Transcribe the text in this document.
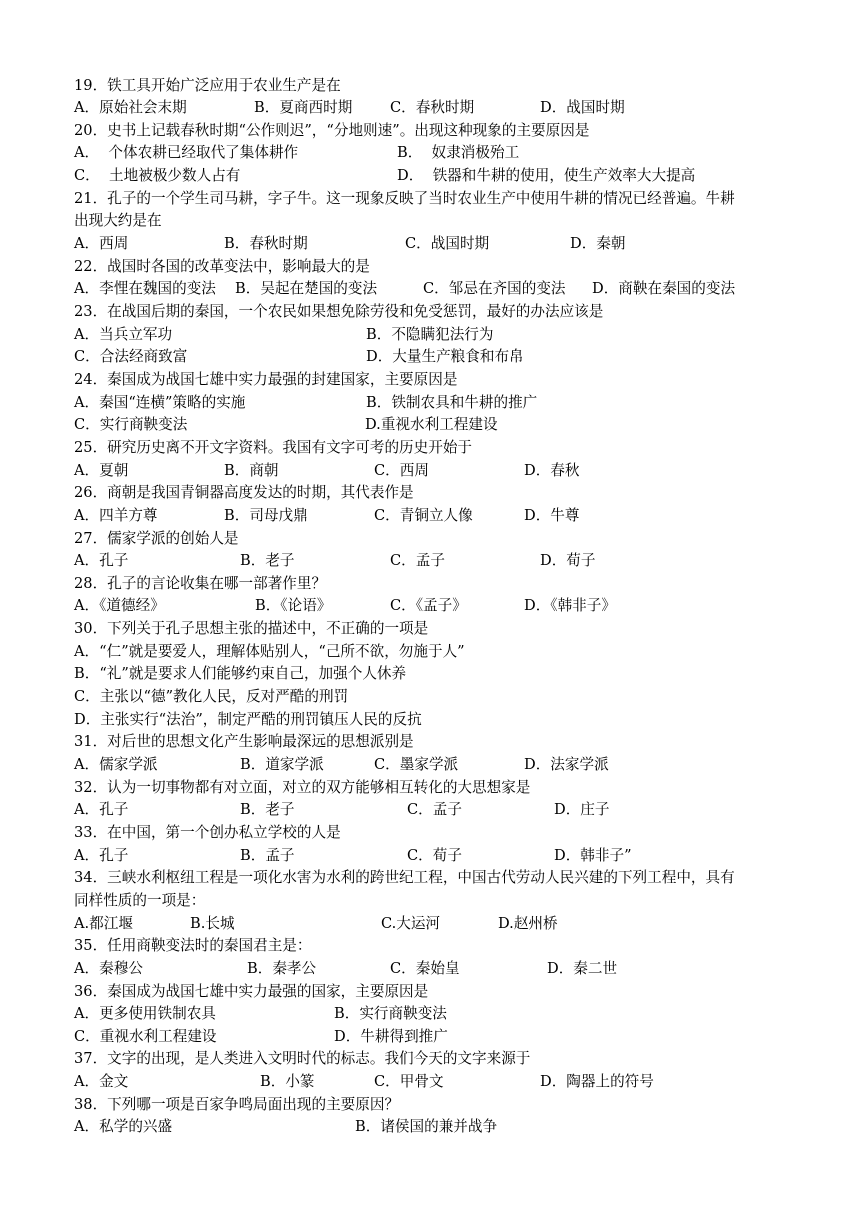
19．铁工具开始广泛应用于农业生产是在
A．原始社会末期	B．夏商西时期	C．春秋时期	D．战国时期
20．史书上记载春秋时期“公作则迟”，“分地则速”。出现这种现象的主要原因是
A．  个体农耕已经取代了集体耕作	B．  奴隶消极殆工
C．  土地被极少数人占有	D．  铁器和牛耕的使用，使生产效率大大提高
21．孔子的一个学生司马耕，字子牛。这一现象反映了当时农业生产中使用牛耕的情况已经普遍。牛耕
出现大约是在
A．西周	B．春秋时期	C．战国时期	D．秦朝
22．战国时各国的改革变法中，影响最大的是
A．李悝在魏国的变法 B．吴起在楚国的变法	C．邹忌在齐国的变法 D．商鞅在秦国的变法
23．在战国后期的秦国，一个农民如果想免除劳役和免受惩罚，最好的办法应该是
A．当兵立军功	B．不隐瞒犯法行为
C．合法经商致富	D．大量生产粮食和布帛
24．秦国成为战国七雄中实力最强的封建国家，主要原因是
A．秦国“连横”策略的实施	B．铁制农具和牛耕的推广
C．实行商鞅变法	D.重视水利工程建设
25．研究历史离不开文字资料。我国有文字可考的历史开始于
A．夏朝	B．商朝	C．西周	D．春秋
26．商朝是我国青铜器高度发达的时期，其代表作是
A．四羊方尊	B．司母戊鼎	C．青铜立人像	D．牛尊
27．儒家学派的创始人是
A．孔子	B．老子	C．孟子	D．荀子
28．孔子的言论收集在哪一部著作里？
A．《道德经》	B．《论语》	C．《孟子》	D．《韩非子》
30．下列关于孔子思想主张的描述中，不正确的一项是
A．“仁”就是要爱人，理解体贴别人，“己所不欲，勿施于人”
B．“礼”就是要求人们能够约束自己，加强个人休养
C．主张以“德”教化人民，反对严酷的刑罚
D．主张实行“法治”，制定严酷的刑罚镇压人民的反抗
31．对后世的思想文化产生影响最深远的思想派别是
A．儒家学派	B．道家学派	C．墨家学派	D．法家学派
32．认为一切事物都有对立面，对立的双方能够相互转化的大思想家是
A．孔子	B．老子	C．孟子	D．庄子
33．在中国，第一个创办私立学校的人是
A．孔子	B．孟子	C．荀子	D．韩非子”
34．三峡水利枢纽工程是一项化水害为水利的跨世纪工程，中国古代劳动人民兴建的下列工程中，具有
同样性质的一项是：
A.都江堰	B.长城	C.大运河	D.赵州桥
35．任用商鞅变法时的秦国君主是：
A．秦穆公	B．秦孝公	C．秦始皇	D．秦二世
36．秦国成为战国七雄中实力最强的国家，主要原因是
A．更多使用铁制农具	B．实行商鞅变法
C．重视水利工程建设	D．牛耕得到推广
37．文字的出现，是人类进入文明时代的标志。我们今天的文字来源于
A．金文	B．小篆	C．甲骨文	D．陶器上的符号
38．下列哪一项是百家争鸣局面出现的主要原因？
A．私学的兴盛	B．诸侯国的兼并战争
